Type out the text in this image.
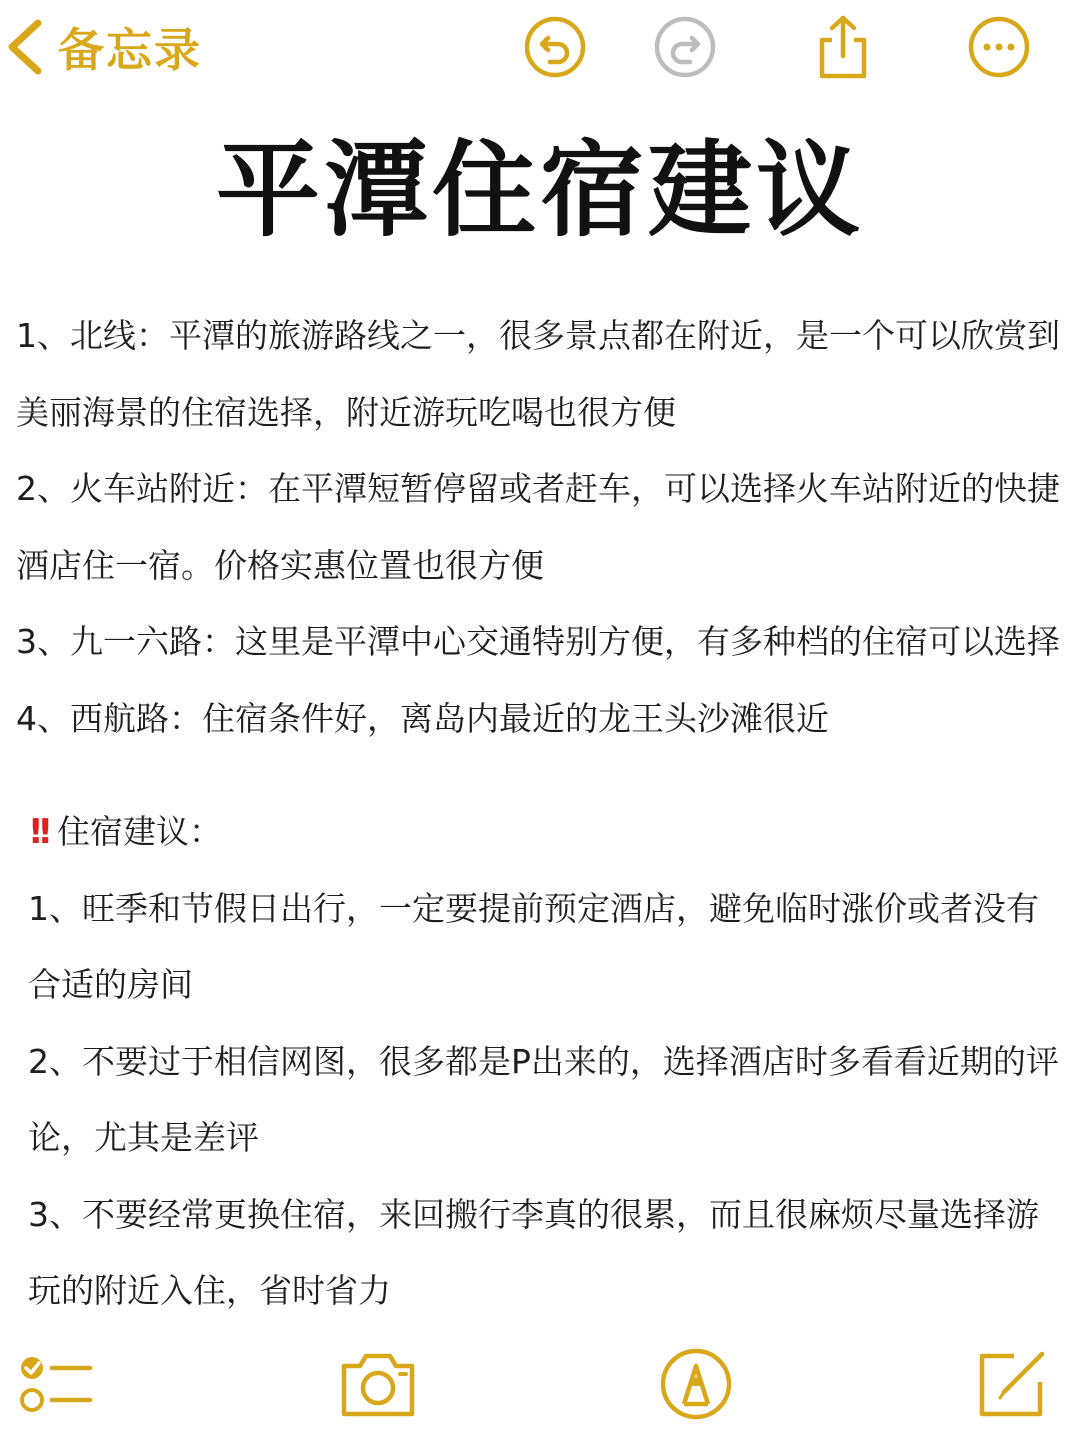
备忘录
平潭住宿建议

1、北线：平潭的旅游路线之一，很多景点都在附近，是一个可以欣赏到美丽海景的住宿选择，附近游玩吃喝也很方便

2、火车站附近：在平潭短暂停留或者赶车，可以选择火车站附近的快捷酒店住一宿。价格实惠位置也很方便

3、九一六路：这里是平潭中心交通特别方便，有多种档的住宿可以选择

4、西航路：住宿条件好，离岛内最近的龙王头沙滩很近

!! 住宿建议：

1、旺季和节假日出行，一定要提前预定酒店，避免临时涨价或者没有合适的房间

2、不要过于相信网图，很多都是P出来的，选择酒店时多看看近期的评论，尤其是差评

3、不要经常更换住宿，来回搬行李真的很累，而且很麻烦尽量选择游玩的附近入住，省时省力
